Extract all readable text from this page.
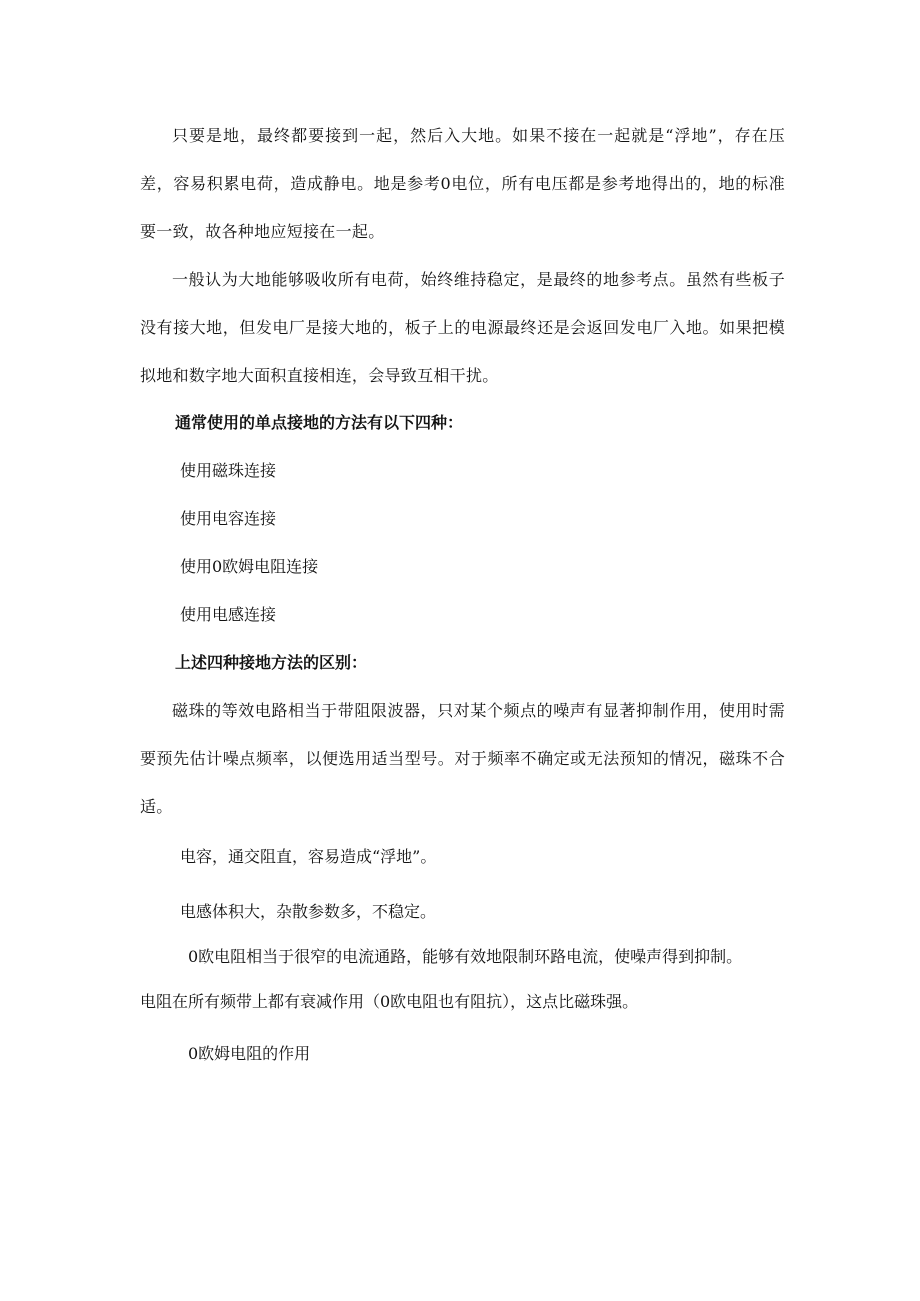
只要是地，最终都要接到一起，然后入大地。如果不接在一起就是“浮地”，存在压差，容易积累电荷，造成静电。地是参考0电位，所有电压都是参考地得出的，地的标准要一致，故各种地应短接在一起。

一般认为大地能够吸收所有电荷，始终维持稳定，是最终的地参考点。虽然有些板子没有接大地，但发电厂是接大地的，板子上的电源最终还是会返回发电厂入地。如果把模拟地和数字地大面积直接相连，会导致互相干扰。

通常使用的单点接地的方法有以下四种：

使用磁珠连接

使用电容连接

使用0欧姆电阻连接

使用电感连接

上述四种接地方法的区别：

磁珠的等效电路相当于带阻限波器，只对某个频点的噪声有显著抑制作用，使用时需要预先估计噪点频率，以便选用适当型号。对于频率不确定或无法预知的情况，磁珠不合适。

电容，通交阻直，容易造成“浮地”。

电感体积大，杂散参数多，不稳定。

0欧电阻相当于很窄的电流通路，能够有效地限制环路电流，使噪声得到抑制。

电阻在所有频带上都有衰减作用（0欧电阻也有阻抗），这点比磁珠强。

0欧姆电阻的作用
